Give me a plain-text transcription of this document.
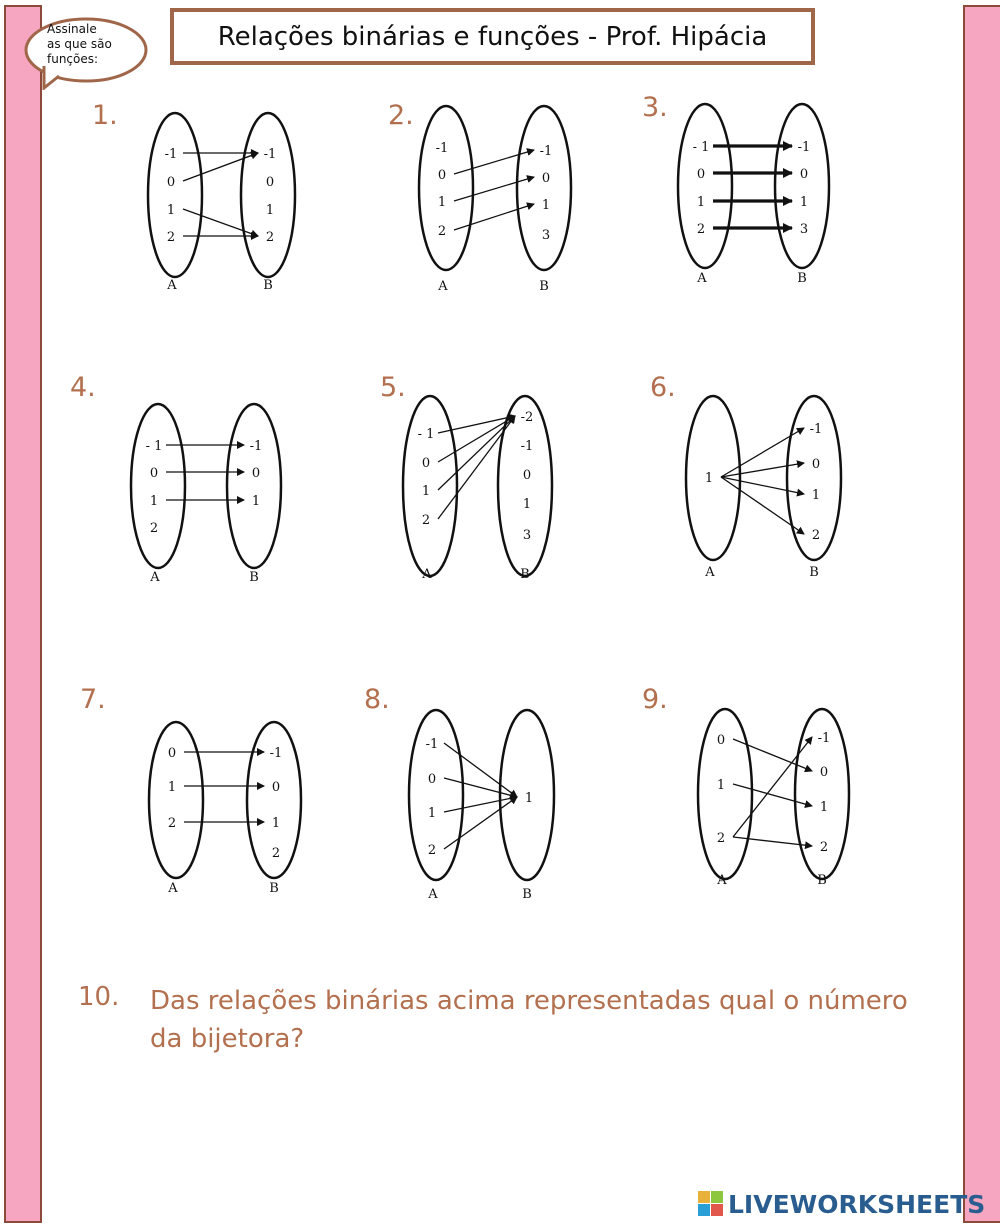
Assinale
as que são
funções:
Relações binárias e funções - Prof. Hipácia
1.	2.	3.
4.	5.	6.
7.	8.	9.
A	B
-1
0
1
2
-1
0
1
2
A	B
-1
0
1
2
-1
0
1
3
A	B
- 1
0
1
2
-1
0
1
3
A	B
- 1
0
1
2
-1
0
1
A	B
- 1
0
1
2
-2
-1
0
1
3
A	B
1
-1
0
1
2
A	B
0
1
2
-1
0
1
2
A	B
-1
0
1
2
1
A	B
0
1
2
-1
0
1
2
10. Das relações binárias acima representadas qual o número da bijetora?
LIVEWORKSHEETS
